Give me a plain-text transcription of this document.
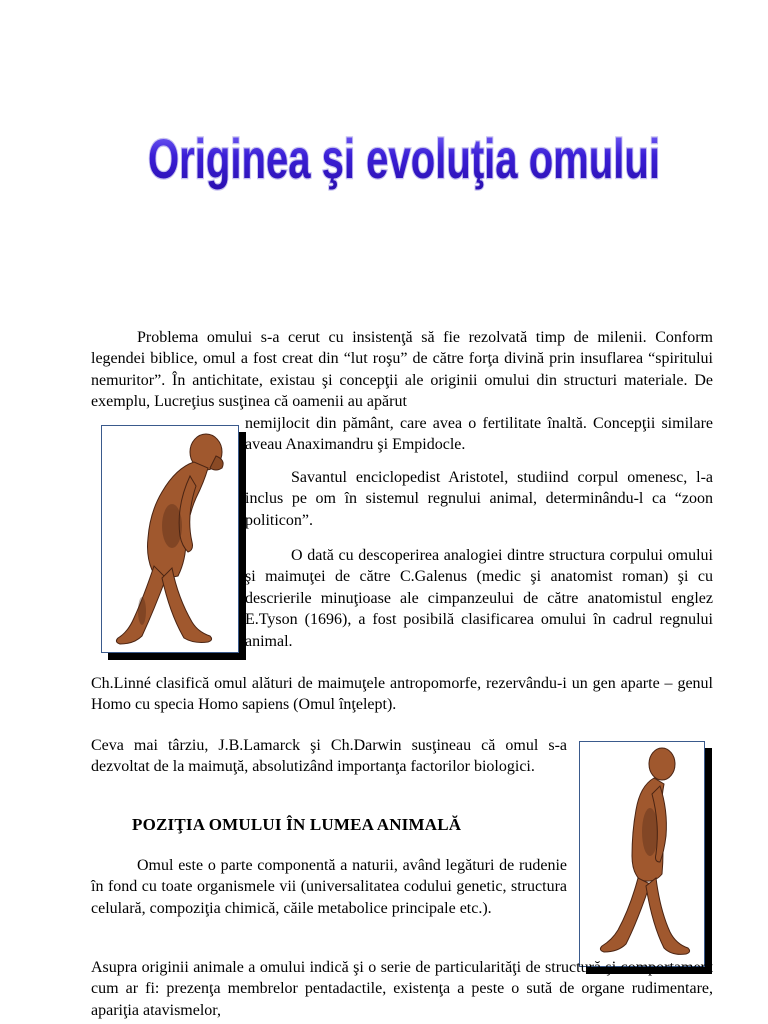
Originea şi evoluţia omului

Problema omului s-a cerut cu insistenţă să fie rezolvată timp de milenii. Conform legendei biblice, omul a fost creat din “lut roşu” de către forţa divină prin insuflarea “spiritului nemuritor”. În antichitate, existau şi concepţii ale originii omului din structuri materiale. De exemplu, Lucreţius susţinea că oamenii au apărut

nemijlocit din pământ, care avea o fertilitate înaltă. Concepţii similare aveau Anaximandru şi Empidocle.

Savantul enciclopedist Aristotel, studiind corpul omenesc, l-a inclus pe om în sistemul regnului animal, determinându-l ca “zoon politicon”.

O dată cu descoperirea analogiei dintre structura corpului omului şi maimuţei de către C.Galenus (medic şi anatomist roman) şi cu descrierile minuţioase ale cimpanzeului de către anatomistul englez E.Tyson (1696), a fost posibilă clasificarea omului în cadrul regnului animal.

Ch.Linné clasifică omul alături de maimuţele antropomorfe, rezervându-i un gen aparte – genul Homo cu specia Homo sapiens (Omul înţelept).

Ceva mai târziu, J.B.Lamarck şi Ch.Darwin susţineau că omul s-a dezvoltat de la maimuţă, absolutizând importanţa factorilor biologici.

POZIŢIA OMULUI ÎN LUMEA ANIMALĂ

Omul este o parte componentă a naturii, având legături de rudenie în fond cu toate organismele vii (universalitatea codului genetic, structura celulară, compoziţia chimică, căile metabolice principale etc.).

Asupra originii animale a omului indică şi o serie de particularităţi de structură şi comportament cum ar fi: prezenţa membrelor pentadactile, existenţa a peste o sută de organe rudimentare, apariţia atavismelor,
